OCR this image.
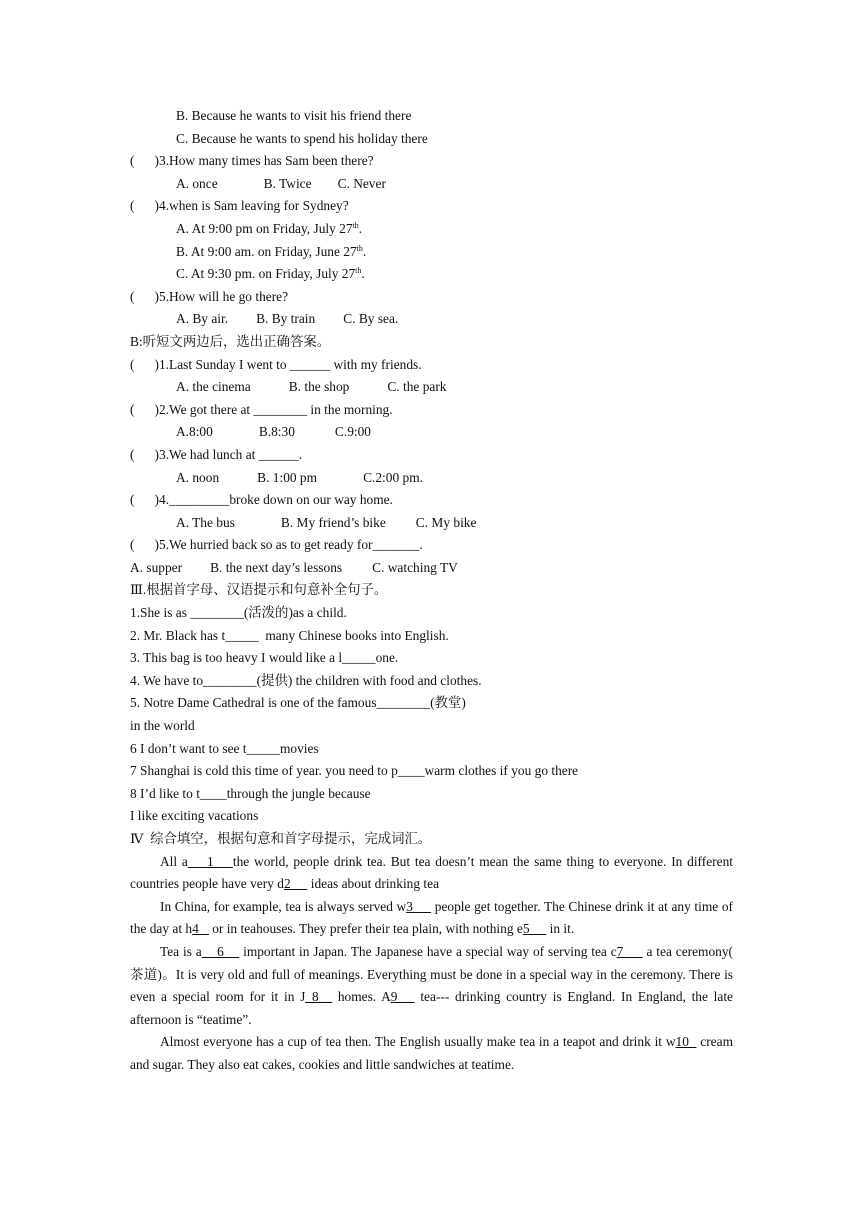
B. Because he wants to visit his friend there
C. Because he wants to spend his holiday there
(      )3.How many times has Sam been there?
A. once	B. Twice C. Never
(      )4.when is Sam leaving for Sydney?
A. At 9:00 pm on Friday, July 27th.
B. At 9:00 am. on Friday, June 27th.
C. At 9:30 pm. on Friday, July 27th.
(      )5.How will he go there?
A. By air. B. By train C. By sea.
B:听短文两边后，选出正确答案。
(      )1.Last Sunday I went to ______ with my friends.
A. the cinema	B. the shop	C. the park
(      )2.We got there at ________ in the morning.
A.8:00	B.8:30	C.9:00
(      )3.We had lunch at ______.
A. noon	B. 1:00 pm	C.2:00 pm.
(      )4._________broke down on our way home.
A. The bus	B. My friend’s bike C. My bike
(      )5.We hurried back so as to get ready for_______.
A. supper B. the next day’s lessons C. watching TV
Ⅲ.根据首字母、汉语提示和句意补全句子。
1.She is as ________(活泼的)as a child.
2. Mr. Black has t_____  many Chinese books into English.
3. This bag is too heavy I would like a l_____one.
4. We have to________(提供) the children with food and clothes.
5. Notre Dame Cathedral is one of the famous________(教堂)
in the world
6 I don’t want to see t_____movies
7 Shanghai is cold this time of year. you need to p____warm clothes if you go there
8 I’d like to t____through the jungle because
I like exciting vacations
Ⅳ  综合填空，根据句意和首字母提示，完成词汇。
All a    1    the world, people drink tea. But tea doesn’t mean the same thing to everyone. In different countries people have very d2      ideas about drinking tea
In China, for example, tea is always served w3      people get together. The Chinese drink it at any time of the day at h4    or in teahouses. They prefer their tea plain, with nothing e5      in it.
Tea is a    6     important in Japan. The Japanese have a special way of serving tea c7      a tea ceremony( 茶道)。It is very old and full of meanings. Everything must be done in a special way in the ceremony. There is even a special room for it in J_8__ homes. A9    tea--- drinking country is England. In England, the late afternoon is “teatime”.
Almost everyone has a cup of tea then. The English usually make tea in a teapot and drink it w10   cream and sugar. They also eat cakes, cookies and little sandwiches at teatime.
